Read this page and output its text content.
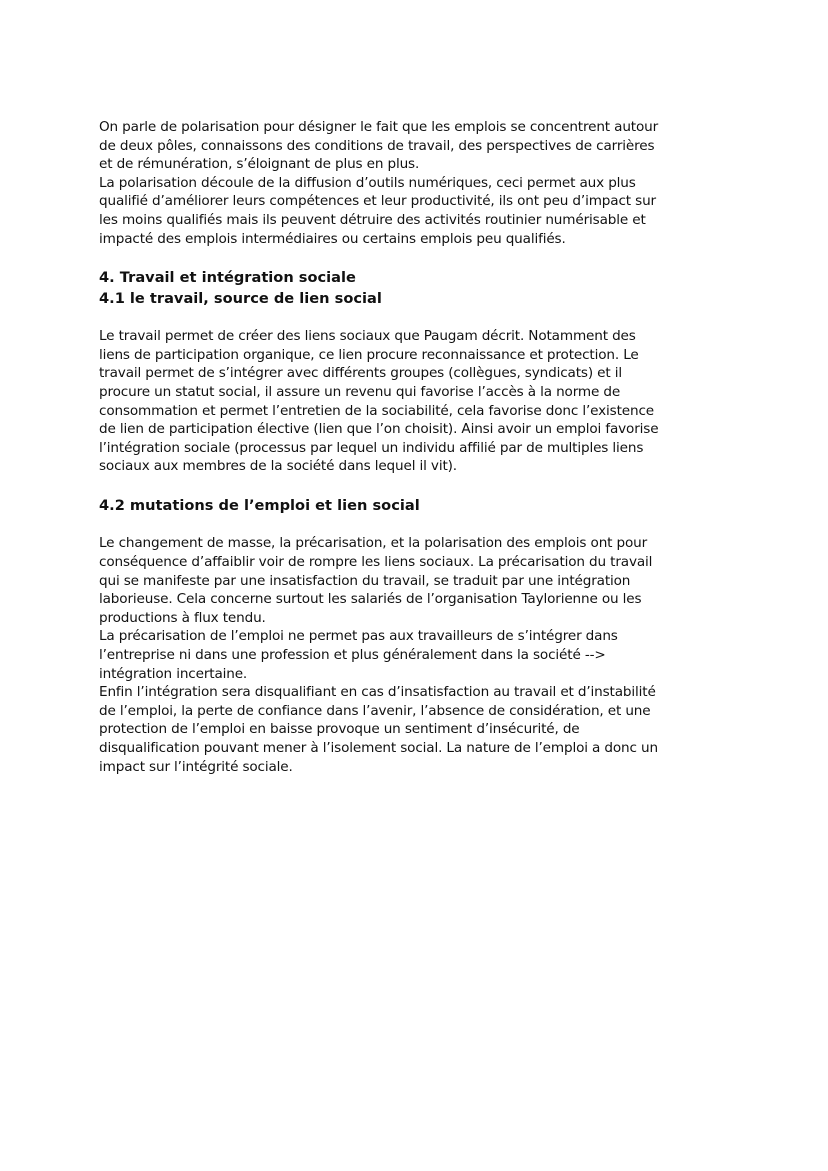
On parle de polarisation pour désigner le fait que les emplois se concentrent autour
de deux pôles, connaissons des conditions de travail, des perspectives de carrières
et de rémunération, s’éloignant de plus en plus.
La polarisation découle de la diffusion d’outils numériques, ceci permet aux plus
qualifié d’améliorer leurs compétences et leur productivité, ils ont peu d’impact sur
les moins qualifiés mais ils peuvent détruire des activités routinier numérisable et
impacté des emplois intermédiaires ou certains emplois peu qualifiés.
4. Travail et intégration sociale
4.1 le travail, source de lien social
Le travail permet de créer des liens sociaux que Paugam décrit. Notamment des
liens de participation organique, ce lien procure reconnaissance et protection. Le
travail permet de s’intégrer avec différents groupes (collègues, syndicats) et il
procure un statut social, il assure un revenu qui favorise l’accès à la norme de
consommation et permet l’entretien de la sociabilité, cela favorise donc l’existence
de lien de participation élective (lien que l’on choisit). Ainsi avoir un emploi favorise
l’intégration sociale (processus par lequel un individu affilié par de multiples liens
sociaux aux membres de la société dans lequel il vit).
4.2 mutations de l’emploi et lien social
Le changement de masse, la précarisation, et la polarisation des emplois ont pour
conséquence d’affaiblir voir de rompre les liens sociaux. La précarisation du travail
qui se manifeste par une insatisfaction du travail, se traduit par une intégration
laborieuse. Cela concerne surtout les salariés de l’organisation Taylorienne ou les
productions à flux tendu.
La précarisation de l’emploi ne permet pas aux travailleurs de s’intégrer dans
l’entreprise ni dans une profession et plus généralement dans la société -->
intégration incertaine.
Enfin l’intégration sera disqualifiant en cas d’insatisfaction au travail et d’instabilité
de l’emploi, la perte de confiance dans l’avenir, l’absence de considération, et une
protection de l’emploi en baisse provoque un sentiment d’insécurité, de
disqualification pouvant mener à l’isolement social. La nature de l’emploi a donc un
impact sur l’intégrité sociale.
